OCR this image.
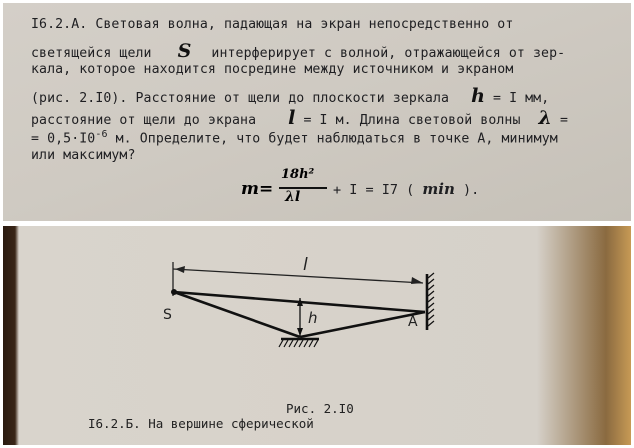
I6.2.A. Световая волна, падающая на экран непосредственно от
светящейся щели S интерферирует с волной, отражающейся от зер-
кала, которое находится посредине между источником и экраном
(рис. 2.I0). Расстояние от щели до плоскости зеркала h = I мм,
расстояние от щели до экрана l = I м. Длина световой волны λ =
= $0,5\cdot I0^{-6}$ м. Определите, что будет наблюдаться в точке А, минимум
или максимум?
m=
18h²
λl + I = I7 ( min ).
l
S	h	A
Рис. 2.I0
I6.2.Б. На вершине сферической
